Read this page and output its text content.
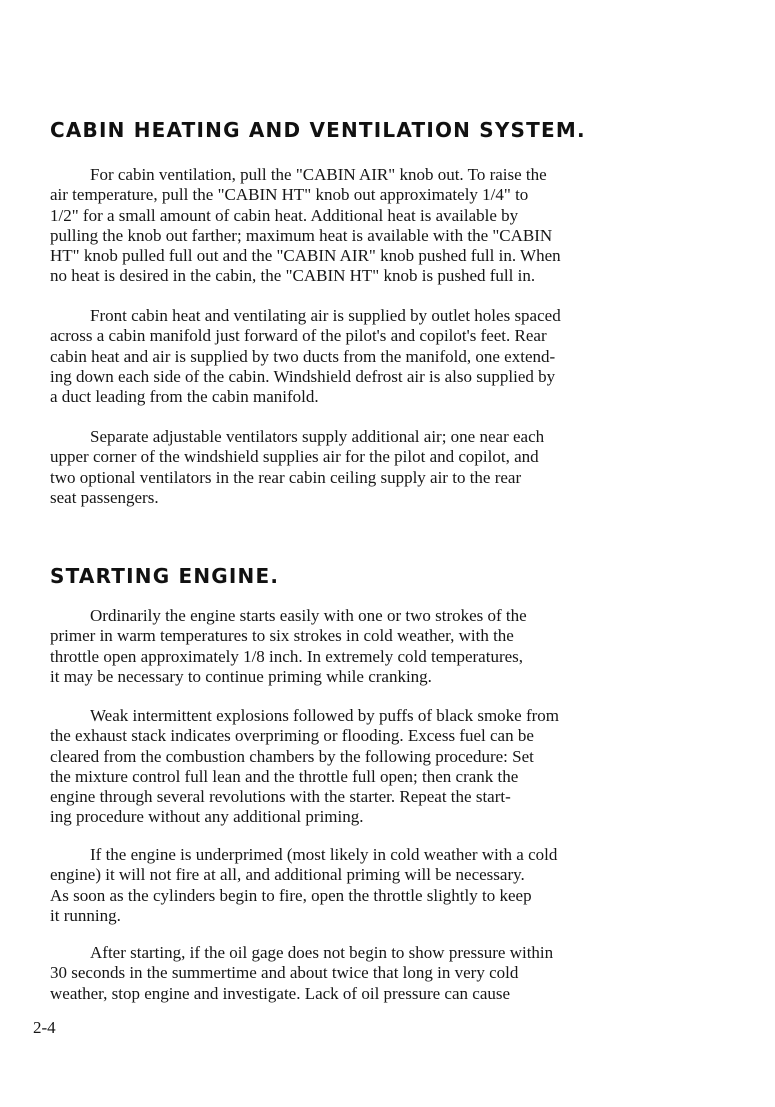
CABIN HEATING AND VENTILATION SYSTEM.
For cabin ventilation, pull the "CABIN AIR" knob out. To raise the
air temperature, pull the "CABIN HT" knob out approximately 1/4" to
1/2" for a small amount of cabin heat. Additional heat is available by
pulling the knob out farther; maximum heat is available with the "CABIN
HT" knob pulled full out and the "CABIN AIR" knob pushed full in. When
no heat is desired in the cabin, the "CABIN HT" knob is pushed full in.
Front cabin heat and ventilating air is supplied by outlet holes spaced
across a cabin manifold just forward of the pilot's and copilot's feet. Rear
cabin heat and air is supplied by two ducts from the manifold, one extend-
ing down each side of the cabin. Windshield defrost air is also supplied by
a duct leading from the cabin manifold.
Separate adjustable ventilators supply additional air; one near each
upper corner of the windshield supplies air for the pilot and copilot, and
two optional ventilators in the rear cabin ceiling supply air to the rear
seat passengers.
STARTING ENGINE.
Ordinarily the engine starts easily with one or two strokes of the
primer in warm temperatures to six strokes in cold weather, with the
throttle open approximately 1/8 inch. In extremely cold temperatures,
it may be necessary to continue priming while cranking.
Weak intermittent explosions followed by puffs of black smoke from
the exhaust stack indicates overpriming or flooding. Excess fuel can be
cleared from the combustion chambers by the following procedure: Set
the mixture control full lean and the throttle full open; then crank the
engine through several revolutions with the starter. Repeat the start-
ing procedure without any additional priming.
If the engine is underprimed (most likely in cold weather with a cold
engine) it will not fire at all, and additional priming will be necessary.
As soon as the cylinders begin to fire, open the throttle slightly to keep
it running.
After starting, if the oil gage does not begin to show pressure within
30 seconds in the summertime and about twice that long in very cold
weather, stop engine and investigate. Lack of oil pressure can cause
2-4
